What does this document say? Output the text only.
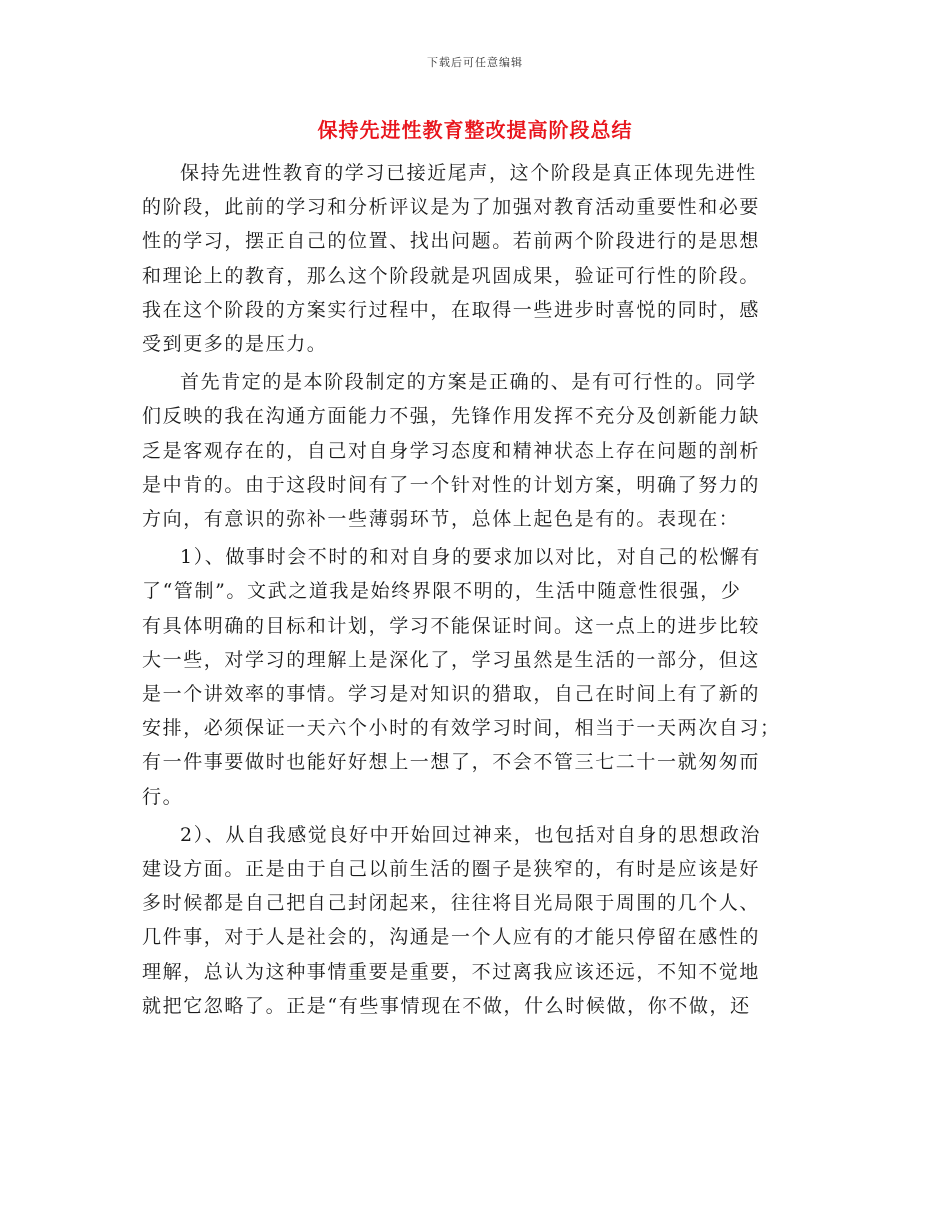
下载后可任意编辑
保持先进性教育整改提高阶段总结

保持先进性教育的学习已接近尾声，这个阶段是真正体现先进性
的阶段，此前的学习和分析评议是为了加强对教育活动重要性和必要
性的学习，摆正自己的位置、找出问题。若前两个阶段进行的是思想
和理论上的教育，那么这个阶段就是巩固成果，验证可行性的阶段。
我在这个阶段的方案实行过程中，在取得一些进步时喜悦的同时，感
受到更多的是压力。

首先肯定的是本阶段制定的方案是正确的、是有可行性的。同学
们反映的我在沟通方面能力不强，先锋作用发挥不充分及创新能力缺
乏是客观存在的，自己对自身学习态度和精神状态上存在问题的剖析
是中肯的。由于这段时间有了一个针对性的计划方案，明确了努力的
方向，有意识的弥补一些薄弱环节，总体上起色是有的。表现在：

1）、做事时会不时的和对自身的要求加以对比，对自己的松懈有
了“管制”。文武之道我是始终界限不明的，生活中随意性很强，少
有具体明确的目标和计划，学习不能保证时间。这一点上的进步比较
大一些，对学习的理解上是深化了，学习虽然是生活的一部分，但这
是一个讲效率的事情。学习是对知识的猎取，自己在时间上有了新的
安排，必须保证一天六个小时的有效学习时间，相当于一天两次自习；
有一件事要做时也能好好想上一想了，不会不管三七二十一就匆匆而
行。

2）、从自我感觉良好中开始回过神来，也包括对自身的思想政治
建设方面。正是由于自己以前生活的圈子是狭窄的，有时是应该是好
多时候都是自己把自己封闭起来，往往将目光局限于周围的几个人、
几件事，对于人是社会的，沟通是一个人应有的才能只停留在感性的
理解，总认为这种事情重要是重要，不过离我应该还远，不知不觉地
就把它忽略了。正是“有些事情现在不做，什么时候做，你不做，还
